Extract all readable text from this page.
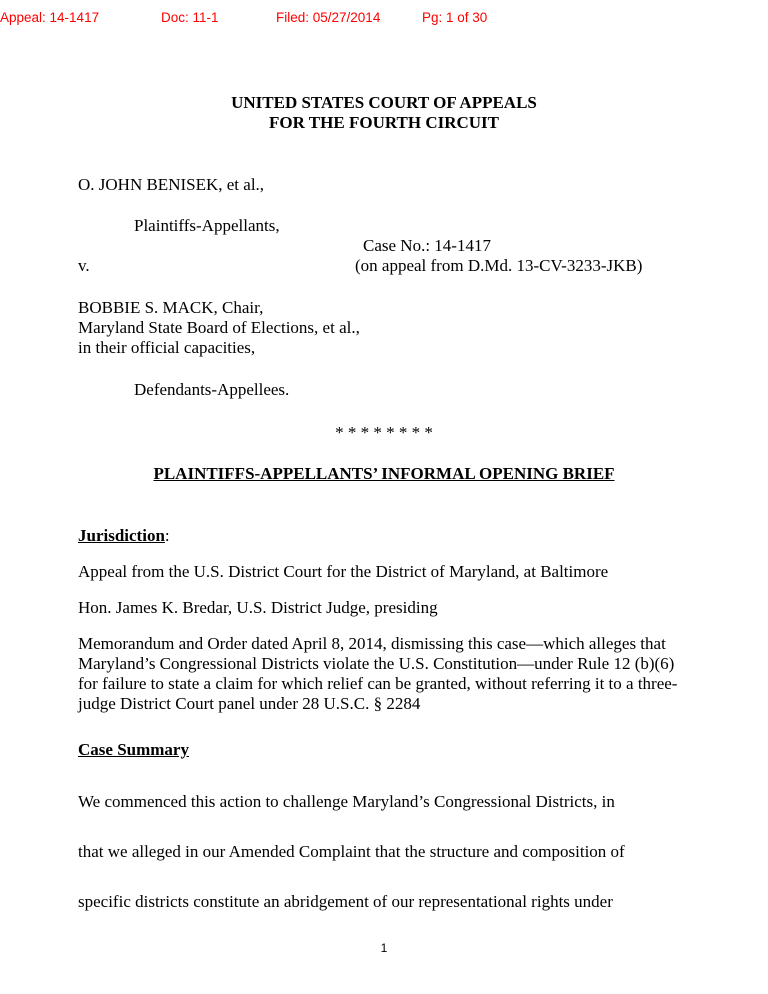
Appeal: 14-1417	Doc: 11-1	Filed: 05/27/2014	Pg: 1 of 30
UNITED STATES COURT OF APPEALS
FOR THE FOURTH CIRCUIT
O. JOHN BENISEK, et al.,
Plaintiffs-Appellants,
Case No.: 14-1417
v.	(on appeal from D.Md. 13-CV-3233-JKB)
BOBBIE S. MACK, Chair,
Maryland State Board of Elections, et al.,
in their official capacities,
Defendants-Appellees.
* * * * * * * *
PLAINTIFFS-APPELLANTS’ INFORMAL OPENING BRIEF
Jurisdiction:
Appeal from the U.S. District Court for the District of Maryland, at Baltimore
Hon. James K. Bredar, U.S. District Judge, presiding
Memorandum and Order dated April 8, 2014, dismissing this case—which alleges that Maryland’s Congressional Districts violate the U.S. Constitution—under Rule 12 (b)(6) for failure to state a claim for which relief can be granted, without referring it to a three-judge District Court panel under 28 U.S.C. § 2284
Case Summary
We commenced this action to challenge Maryland’s Congressional Districts, in
that we alleged in our Amended Complaint that the structure and composition of
specific districts constitute an abridgement of our representational rights under
1
